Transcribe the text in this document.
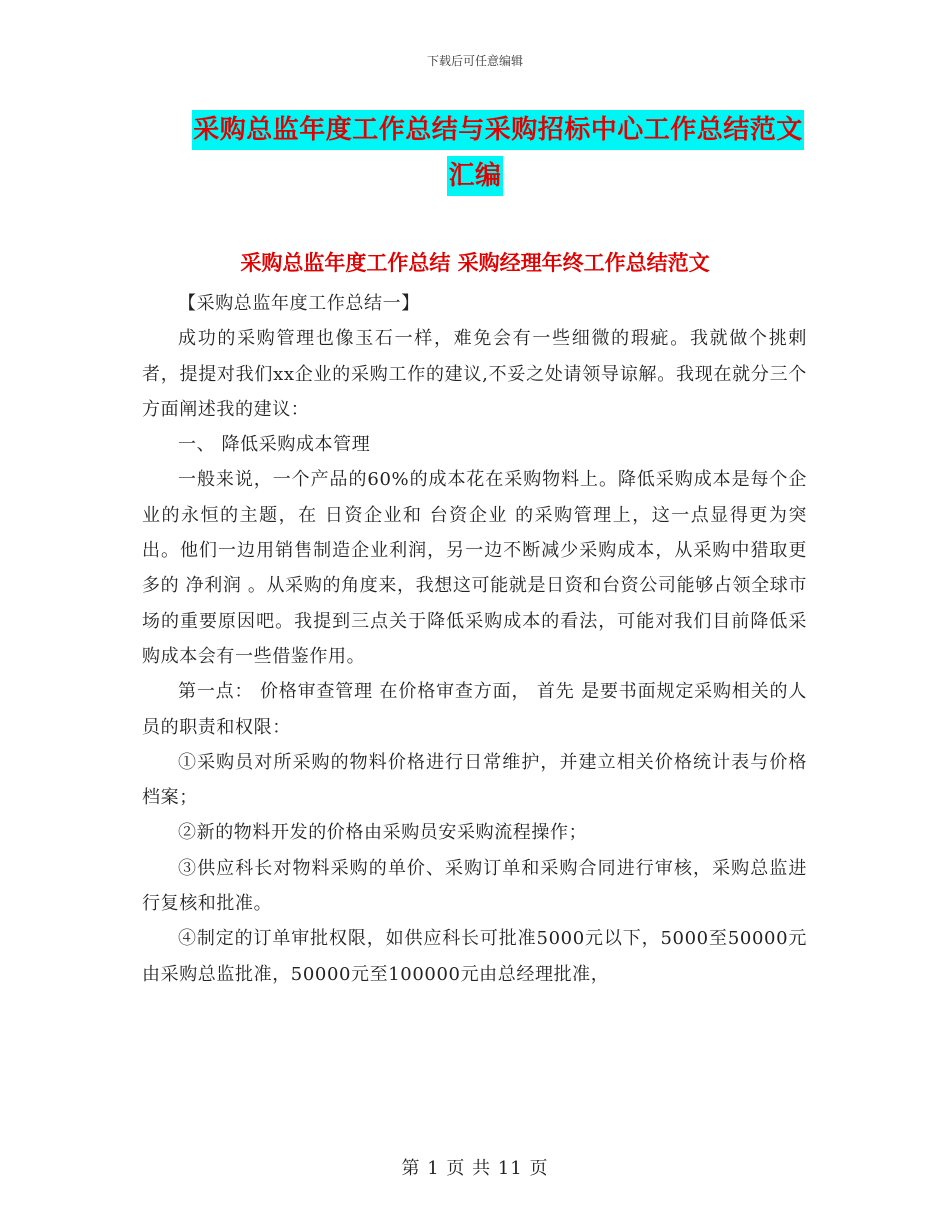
下载后可任意编辑
采购总监年度工作总结与采购招标中心工作总结范文
汇编
采购总监年度工作总结 采购经理年终工作总结范文

【采购总监年度工作总结一】

成功的采购管理也像玉石一样，难免会有一些细微的瑕疵。我就做个挑剌者，提提对我们xx企业的采购工作的建议,不妥之处请领导谅解。我现在就分三个方面阐述我的建议：

一、 降低采购成本管理

一般来说，一个产品的60%的成本花在采购物料上。降低采购成本是每个企业的永恒的主题，在 日资企业和 台资企业 的采购管理上，这一点显得更为突出。他们一边用销售制造企业利润，另一边不断减少采购成本，从采购中猎取更多的 净利润 。从采购的角度来，我想这可能就是日资和台资公司能够占领全球市场的重要原因吧。我提到三点关于降低采购成本的看法，可能对我们目前降低采购成本会有一些借鉴作用。

第一点： 价格审查管理 在价格审查方面， 首先 是要书面规定采购相关的人员的职责和权限：

①采购员对所采购的物料价格进行日常维护，并建立相关价格统计表与价格档案；

②新的物料开发的价格由采购员安采购流程操作；

③供应科长对物料采购的单价、采购订单和采购合同进行审核，采购总监进行复核和批准。

④制定的订单审批权限，如供应科长可批准5000元以下，5000至50000元由采购总监批准，50000元至100000元由总经理批准，

第 1 页 共 11 页
